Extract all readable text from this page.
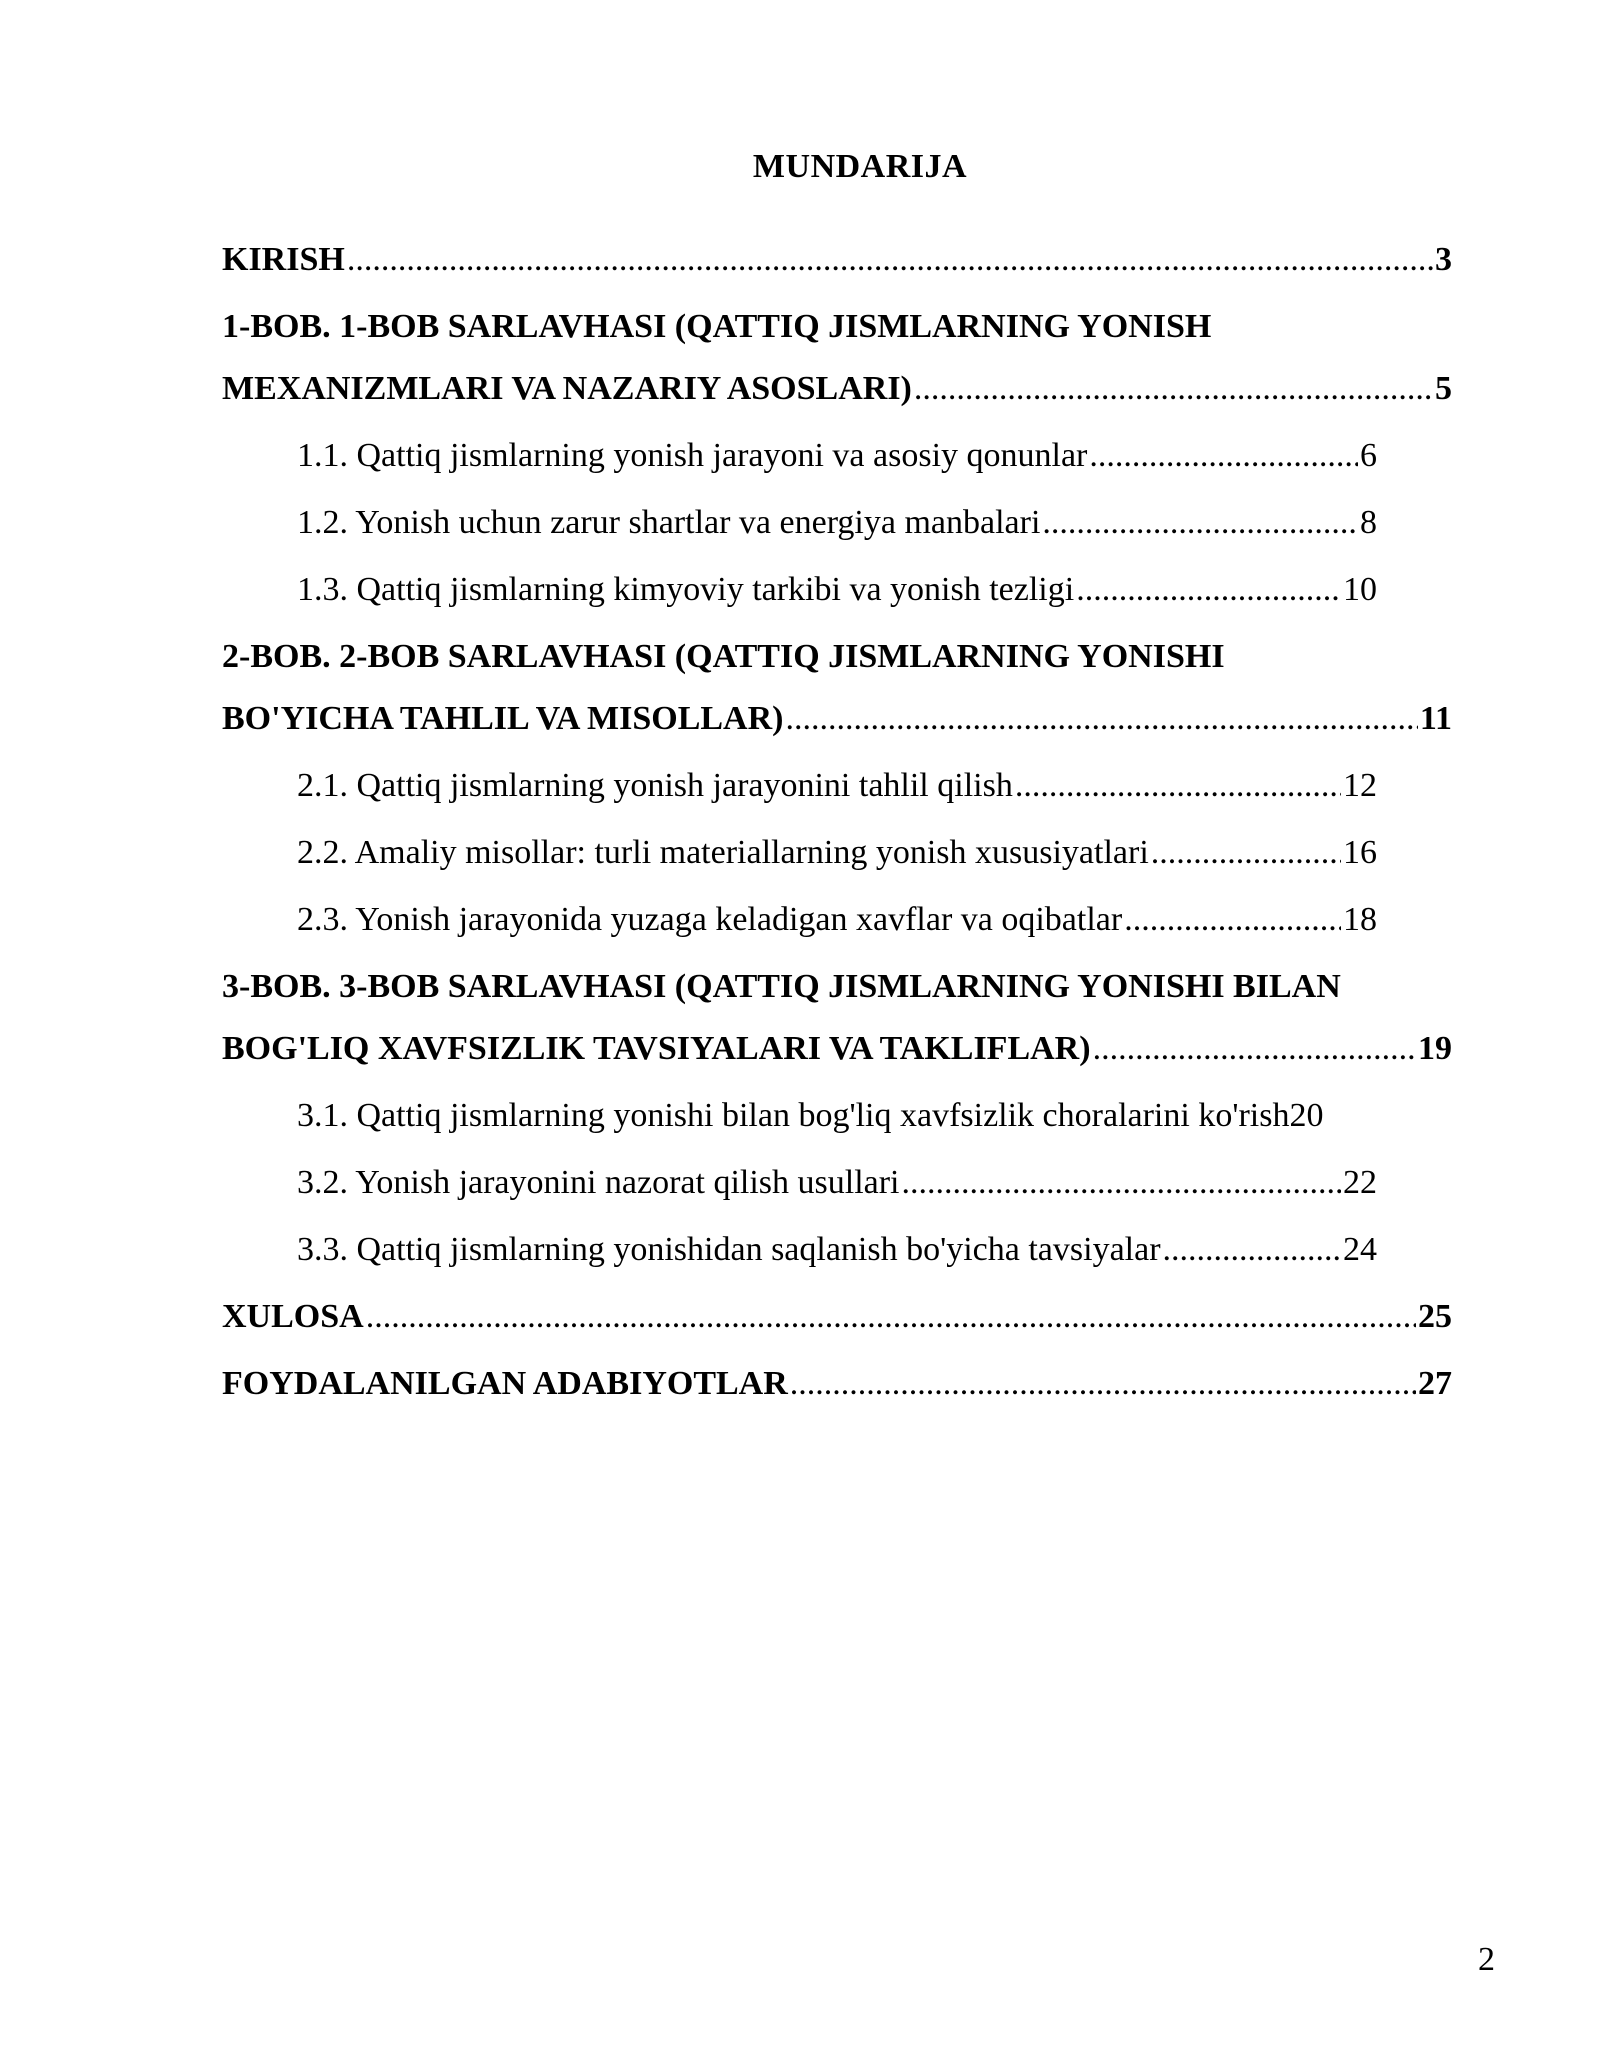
MUNDARIJA
KIRISH .....	3
1-BOB. 1-BOB SARLAVHASI (QATTIQ JISMLARNING YONISH
MEXANIZMLARI VA NAZARIY ASOSLARI) .....	5
1.1. Qattiq jismlarning yonish jarayoni va asosiy qonunlar .....	6
1.2. Yonish uchun zarur shartlar va energiya manbalari .....	8
1.3. Qattiq jismlarning kimyoviy tarkibi va yonish tezligi .....	10
2-BOB. 2-BOB SARLAVHASI (QATTIQ JISMLARNING YONISHI
BO'YICHA TAHLIL VA MISOLLAR) .....	11
2.1. Qattiq jismlarning yonish jarayonini tahlil qilish .....	12
2.2. Amaliy misollar: turli materiallarning yonish xususiyatlari .....	16
2.3. Yonish jarayonida yuzaga keladigan xavflar va oqibatlar .....	18
3-BOB. 3-BOB SARLAVHASI (QATTIQ JISMLARNING YONISHI BILAN
BOG'LIQ XAVFSIZLIK TAVSIYALARI VA TAKLIFLAR) .....	19
3.1. Qattiq jismlarning yonishi bilan bog'liq xavfsizlik choralarini ko'rish 20
3.2. Yonish jarayonini nazorat qilish usullari .....	22
3.3. Qattiq jismlarning yonishidan saqlanish bo'yicha tavsiyalar .....	24
XULOSA .....	25
FOYDALANILGAN ADABIYOTLAR .....	27
2
